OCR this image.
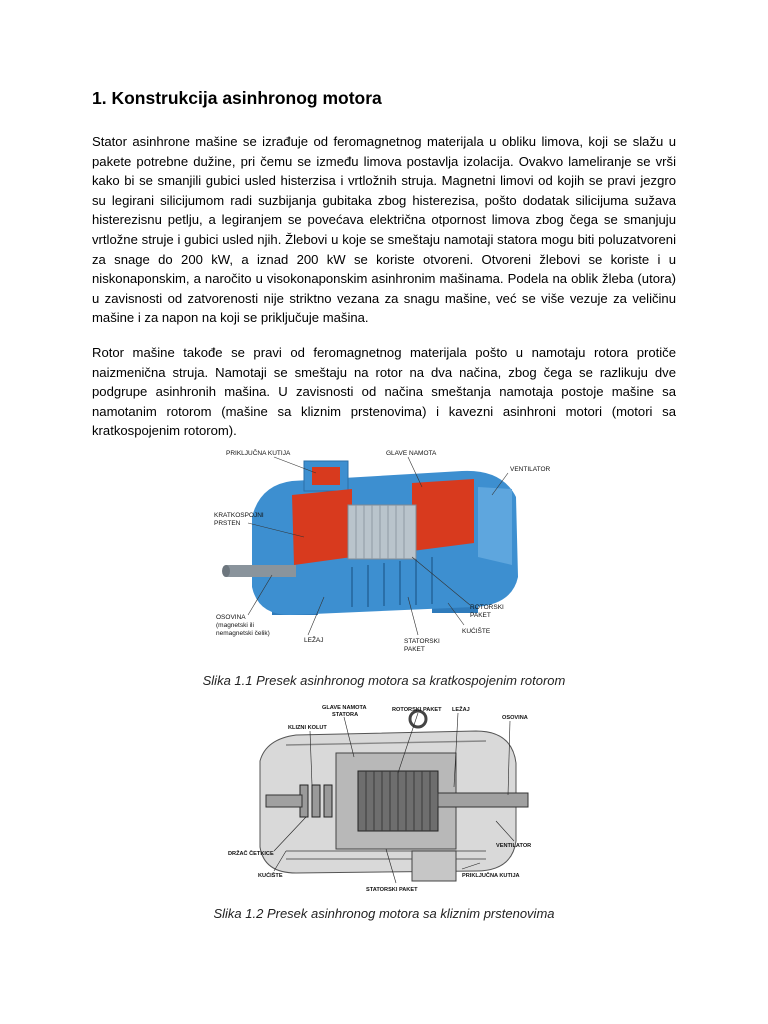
1. Konstrukcija asinhronog motora

Stator asinhrone mašine se izrađuje od feromagnetnog materijala u obliku limova, koji se slažu u pakete potrebne dužine, pri čemu se između limova postavlja izolacija. Ovakvo lameliranje se vrši kako bi se smanjili gubici usled histerzisa i vrtložnih struja. Magnetni limovi od kojih se pravi jezgro su legirani silicijumom radi suzbijanja gubitaka zbog histerezisa, pošto dodatak silicijuma sužava histerezisnu petlju, a legiranjem se povećava električna otpornost limova zbog čega se smanjuju vrtložne struje i gubici usled njih. Žlebovi u koje se smeštaju namotaji statora mogu biti poluzatvoreni za snage do 200 kW, a iznad 200 kW se koriste otvoreni. Otvoreni žlebovi se koriste i u niskonaponskim, a naročito u visokonaponskim asinhronim mašinama. Podela na oblik žleba (utora) u zavisnosti od zatvorenosti nije striktno vezana za snagu mašine, već se više vezuje za veličinu mašine i za napon na koji se priključuje mašina.

Rotor mašine takođe se pravi od feromagnetnog materijala pošto u namotaju rotora protiče naizmenična struja. Namotaji se smeštaju na rotor na dva načina, zbog čega se razlikuju dve podgrupe asinhronih mašina. U zavisnosti od načina smeštanja namotaja postoje mašine sa namotanim rotorom (mašine sa kliznim prstenovima) i kavezni asinhroni motori (motori sa kratkospojenim rotorom).

PRIKLJUČNA KUTIJA	GLAVE NAMOTA
VENTILATOR
KRATKOSPOJNI
PRSTEN
OSOVINA
(magnetski ili
nemagnetski čelik)
LEŽAJ
ROTORSKI
PAKET
KUĆIŠTE
STATORSKI
PAKET
Slika 1.1 Presek asinhronog motora sa kratkospojenim rotorom
GLAVE NAMOTA
STATORA
ROTORSKI PAKET LEŽAJ
OSOVINA
KLIZNI KOLUT
DRŽAČ ČETKICE
KUĆIŠTE
STATORSKI PAKET
PRIKLJUČNA KUTIJA
VENTILATOR
Slika 1.2 Presek asinhronog motora sa kliznim prstenovima
